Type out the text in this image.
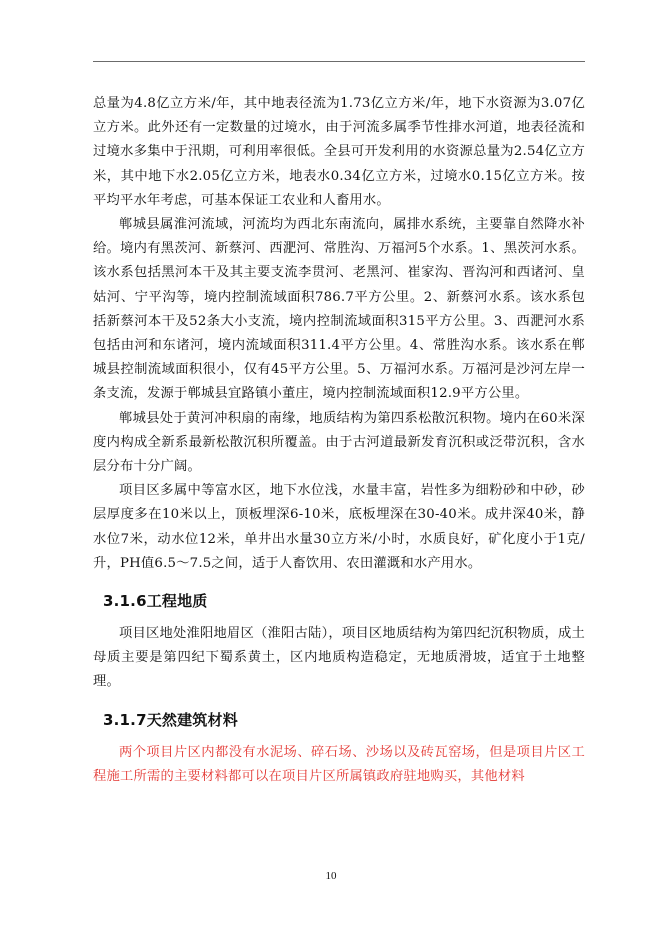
总量为4.8亿立方米/年，其中地表径流为1.73亿立方米/年，地下水资源为3.07亿立方米。此外还有一定数量的过境水，由于河流多属季节性排水河道，地表径流和过境水多集中于汛期，可利用率很低。全县可开发利用的水资源总量为2.54亿立方米，其中地下水2.05亿立方米，地表水0.34亿立方米，过境水0.15亿立方米。按平均平水年考虑，可基本保证工农业和人畜用水。

郸城县属淮河流域，河流均为西北东南流向，属排水系统，主要靠自然降水补给。境内有黑茨河、新蔡河、西淝河、常胜沟、万福河5个水系。1、黑茨河水系。该水系包括黑河本干及其主要支流李贯河、老黑河、崔家沟、晋沟河和西诸河、皇姑河、宁平沟等，境内控制流域面积786.7平方公里。2、新蔡河水系。该水系包括新蔡河本干及52条大小支流，境内控制流域面积315平方公里。3、西淝河水系包括由河和东诸河，境内流域面积311.4平方公里。4、常胜沟水系。该水系在郸城县控制流域面积很小，仅有45平方公里。5、万福河水系。万福河是沙河左岸一条支流，发源于郸城县宜路镇小董庄，境内控制流域面积12.9平方公里。

郸城县处于黄河冲积扇的南缘，地质结构为第四系松散沉积物。境内在60米深度内构成全新系最新松散沉积所覆盖。由于古河道最新发育沉积或泛带沉积，含水层分布十分广阔。

项目区多属中等富水区，地下水位浅，水量丰富，岩性多为细粉砂和中砂，砂层厚度多在10米以上，顶板埋深6-10米，底板埋深在30-40米。成井深40米，静水位7米，动水位12米，单井出水量30立方米/小时，水质良好，矿化度小于1克/升，PH值6.5～7.5之间，适于人畜饮用、农田灌溉和水产用水。

3.1.6工程地质

项目区地处淮阳地眉区（淮阳古陆），项目区地质结构为第四纪沉积物质，成土母质主要是第四纪下蜀系黄土，区内地质构造稳定，无地质滑坡，适宜于土地整理。

3.1.7天然建筑材料

两个项目片区内都没有水泥场、碎石场、沙场以及砖瓦窑场，但是项目片区工程施工所需的主要材料都可以在项目片区所属镇政府驻地购买，其他材料

10
